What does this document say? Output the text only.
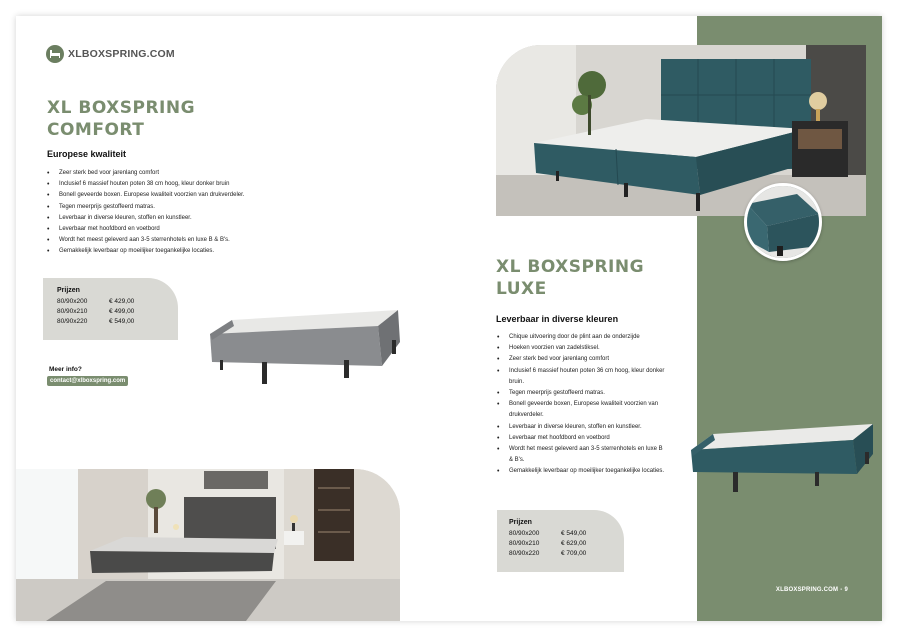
XLBOXSPRING.COM
XL BOXSPRING
COMFORT
Europese kwaliteit
• Zeer sterk bed voor jarenlang comfort
• Inclusief 6 massief houten poten 38 cm hoog, kleur donker bruin
• Bonell geveerde boxen. Europese kwaliteit voorzien van drukverdeler.
• Tegen meerprijs gestoffeerd matras.
• Leverbaar in diverse kleuren, stoffen en kunstleer.
• Leverbaar met hoofdbord en voetbord
• Wordt het meest geleverd aan 3-5 sterrenhotels en luxe B & B's.
• Gemakkelijk leverbaar op moeilijker toegankelijke locaties.
Prijzen
80/90x200	€ 429,00
80/90x210	€ 499,00
80/90x220	€ 549,00
Meer info?
contact@xlboxspring.com
XL BOXSPRING
LUXE
Leverbaar in diverse kleuren
• Chique uitvoering door de plint aan de onderzijde
• Hoeken voorzien van zadelstiksel.
• Zeer sterk bed voor jarenlang comfort
• Inclusief 6 massief houten poten 36 cm hoog, kleur donker bruin.
• Tegen meerprijs gestoffeerd matras.
• Bonell geveerde boxen, Europese kwaliteit voorzien van drukverdeler.
• Leverbaar in diverse kleuren, stoffen en kunstleer.
• Leverbaar met hoofdbord en voetbord
• Wordt het meest geleverd aan 3-5 sterrenhotels en luxe B & B's.
• Gemakkelijk leverbaar op moeilijker toegankelijke locaties.
Prijzen
80/90x200	€ 549,00
80/90x210	€ 629,00
80/90x220	€ 709,00
XLBOXSPRING.COM - 9
